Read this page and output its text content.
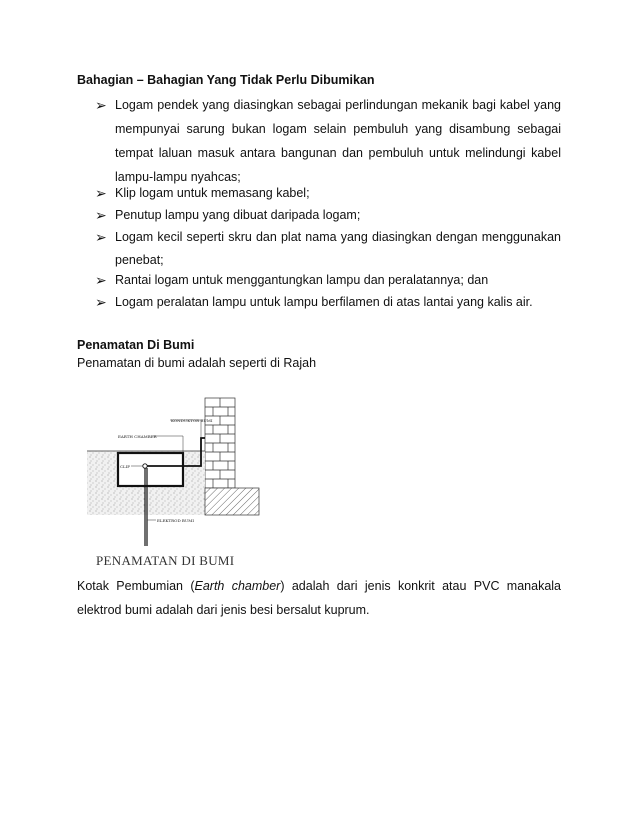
Bahagian – Bahagian Yang Tidak Perlu Dibumikan
➢ Logam pendek yang diasingkan sebagai perlindungan mekanik bagi kabel yang
mempunyai sarung bukan logam selain pembuluh yang disambung sebagai
tempat laluan masuk antara bangunan dan pembuluh untuk melindungi kabel
lampu-lampu nyahcas;
➢ Klip logam untuk memasang kabel;
➢ Penutup lampu yang dibuat daripada logam;
➢ Logam kecil seperti skru dan plat nama yang diasingkan dengan menggunakan
penebat;
➢ Rantai logam untuk menggantungkan lampu dan peralatannya; dan
➢ Logam peralatan lampu untuk lampu berfilamen di atas lantai yang kalis air.
Penamatan Di Bumi
Penamatan di bumi adalah seperti di Rajah
KONDUKTOR BUMI
EARTH CHAMBER
CLIP
ELEKTROD BUMI
PENAMATAN DI BUMI
Kotak Pembumian (Earth chamber) adalah dari jenis konkrit atau PVC manakala
elektrod bumi adalah dari jenis besi bersalut kuprum.
